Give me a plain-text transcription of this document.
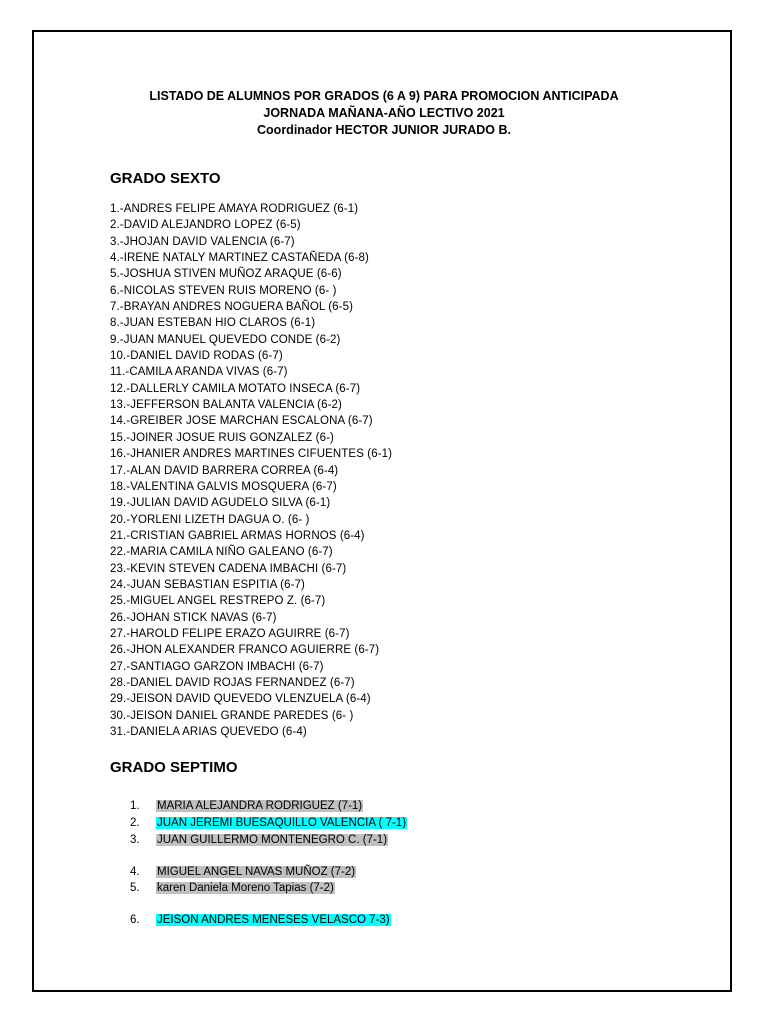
LISTADO DE ALUMNOS POR GRADOS (6 A 9) PARA PROMOCION ANTICIPADA
JORNADA MAÑANA-AÑO LECTIVO 2021
Coordinador HECTOR JUNIOR JURADO B.
GRADO SEXTO
1.-ANDRES FELIPE AMAYA RODRIGUEZ (6-1)
2.-DAVID ALEJANDRO LOPEZ (6-5)
3.-JHOJAN DAVID VALENCIA (6-7)
4.-IRENE NATALY MARTINEZ CASTAÑEDA (6-8)
5.-JOSHUA STIVEN MUÑOZ ARAQUE (6-6)
6.-NICOLAS STEVEN RUIS MORENO (6- )
7.-BRAYAN ANDRES NOGUERA BAÑOL (6-5)
8.-JUAN ESTEBAN HIO CLAROS (6-1)
9.-JUAN MANUEL QUEVEDO CONDE (6-2)
10.-DANIEL DAVID RODAS (6-7)
11.-CAMILA ARANDA VIVAS (6-7)
12.-DALLERLY CAMILA MOTATO INSECA (6-7)
13.-JEFFERSON BALANTA VALENCIA (6-2)
14.-GREIBER JOSE MARCHAN ESCALONA (6-7)
15.-JOINER JOSUE RUIS GONZALEZ (6-)
16.-JHANIER ANDRES MARTINES CIFUENTES (6-1)
17.-ALAN DAVID BARRERA CORREA (6-4)
18.-VALENTINA GALVIS MOSQUERA (6-7)
19.-JULIAN DAVID AGUDELO SILVA (6-1)
20.-YORLENI LIZETH DAGUA O. (6- )
21.-CRISTIAN GABRIEL ARMAS HORNOS (6-4)
22.-MARIA CAMILA NIÑO GALEANO (6-7)
23.-KEVIN STEVEN CADENA IMBACHI (6-7)
24.-JUAN SEBASTIAN ESPITIA (6-7)
25.-MIGUEL ANGEL RESTREPO Z. (6-7)
26.-JOHAN STICK NAVAS (6-7)
27.-HAROLD FELIPE ERAZO AGUIRRE (6-7)
26.-JHON ALEXANDER FRANCO AGUIERRE (6-7)
27.-SANTIAGO GARZON IMBACHI (6-7)
28.-DANIEL DAVID ROJAS FERNANDEZ (6-7)
29.-JEISON DAVID QUEVEDO VLENZUELA (6-4)
30.-JEISON DANIEL GRANDE PAREDES (6- )
31.-DANIELA ARIAS QUEVEDO (6-4)
GRADO SEPTIMO
1. MARIA ALEJANDRA RODRIGUEZ (7-1)
2. JUAN JEREMI BUESAQUILLO VALENCIA ( 7-1)
3. JUAN GUILLERMO MONTENEGRO C. (7-1)
4. MIGUEL ANGEL NAVAS MUÑOZ (7-2)
5. karen Daniela Moreno Tapias (7-2)
6. JEISON ANDRES MENESES VELASCO 7-3)
